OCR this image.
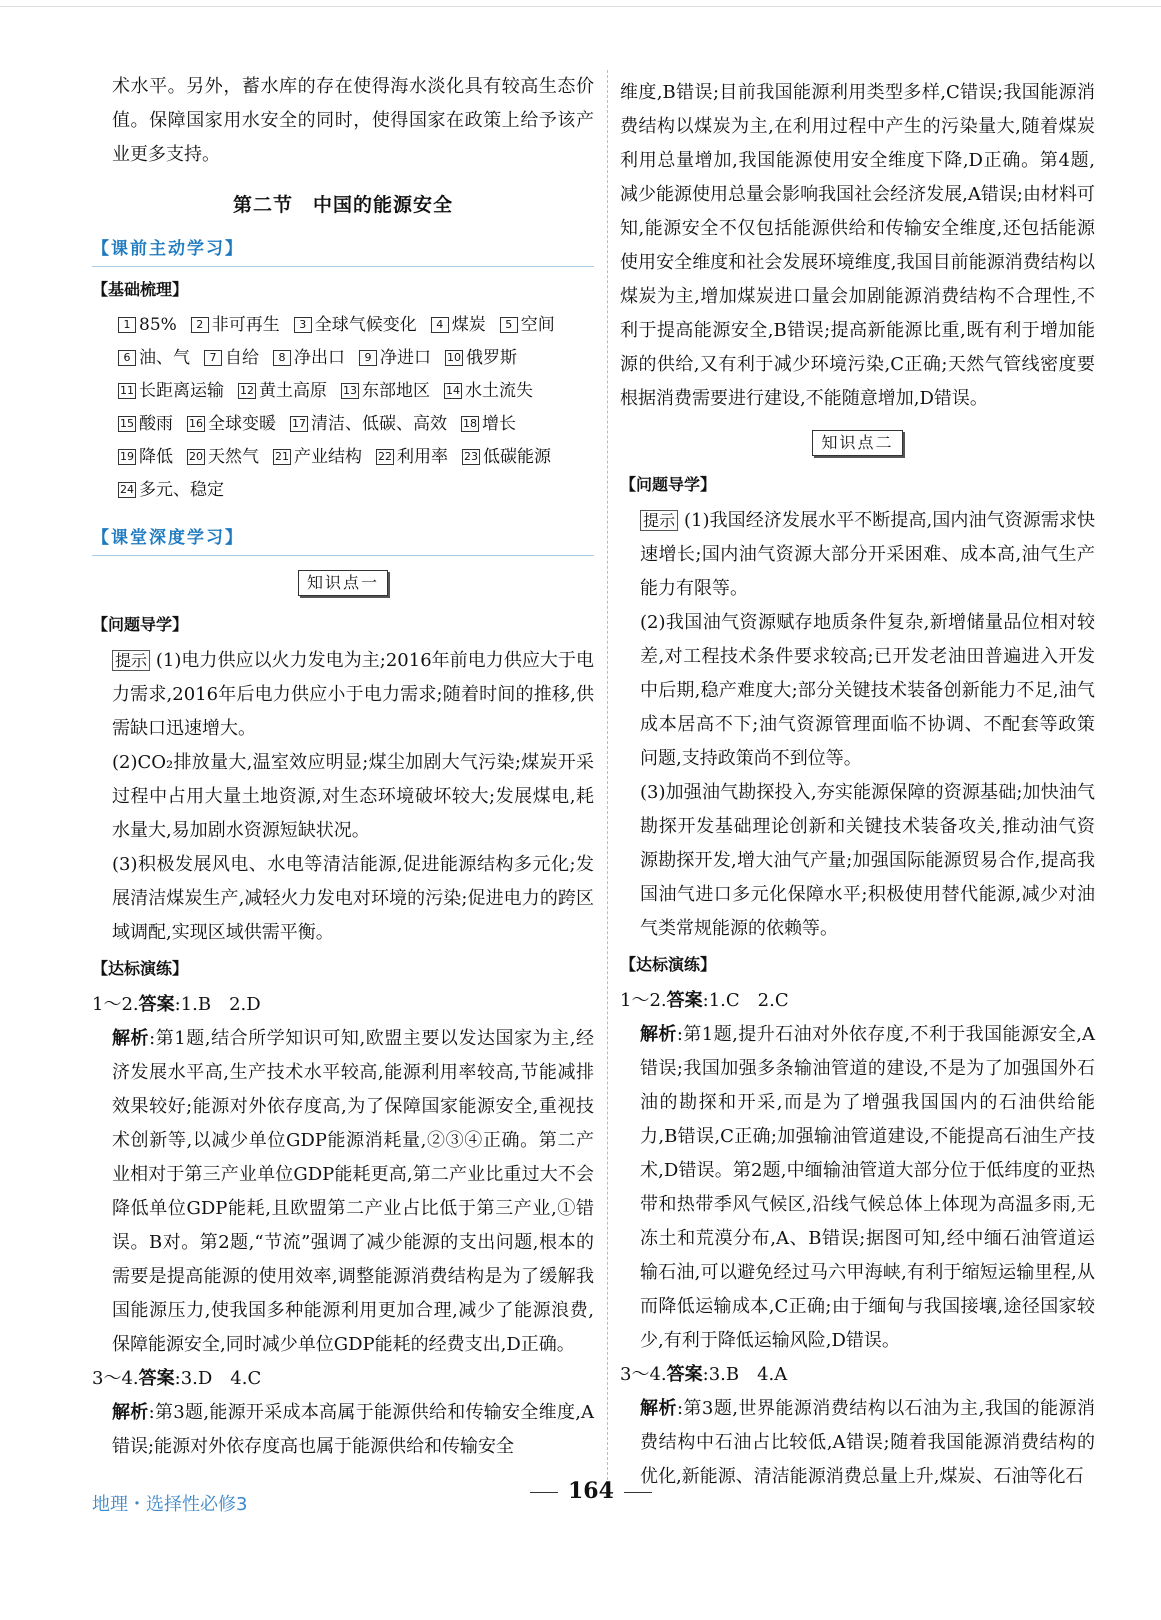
术水平。另外，蓄水库的存在使得海水淡化具有较高生态价值。保障国家用水安全的同时，使得国家在政策上给予该产业更多支持。

第二节　中国的能源安全
【课前主动学习】
【基础梳理】
1 85%	2 非可再生	3 全球气候变化	4 煤炭	5 空间
6 油、气	7 自给	8 净出口	9 净进口 10 俄罗斯
11 长距离运输 12 黄土高原 13 东部地区 14 水土流失
15 酸雨 16 全球变暖 17 清洁、低碳、高效 18 增长
19 降低 20 天然气 21 产业结构 22 利用率 23 低碳能源
24 多元、稳定
【课堂深度学习】
知识点一
【问题导学】

提示 (1)电力供应以火力发电为主;2016年前电力供应大于电力需求,2016年后电力供应小于电力需求;随着时间的推移,供需缺口迅速增大。

(2)CO₂排放量大,温室效应明显;煤尘加剧大气污染;煤炭开采过程中占用大量土地资源,对生态环境破坏较大;发展煤电,耗水量大,易加剧水资源短缺状况。

(3)积极发展风电、水电等清洁能源,促进能源结构多元化;发展清洁煤炭生产,减轻火力发电对环境的污染;促进电力的跨区域调配,实现区域供需平衡。

【达标演练】

1～2.答案:1.B　2.D

解析:第1题,结合所学知识可知,欧盟主要以发达国家为主,经济发展水平高,生产技术水平较高,能源利用率较高,节能减排效果较好;能源对外依存度高,为了保障国家能源安全,重视技术创新等,以减少单位GDP能源消耗量,②③④正确。第二产业相对于第三产业单位GDP能耗更高,第二产业比重过大不会降低单位GDP能耗,且欧盟第二产业占比低于第三产业,①错误。B对。第2题,“节流”强调了减少能源的支出问题,根本的需要是提高能源的使用效率,调整能源消费结构是为了缓解我国能源压力,使我国多种能源利用更加合理,减少了能源浪费,保障能源安全,同时减少单位GDP能耗的经费支出,D正确。

3～4.答案:3.D　4.C

解析:第3题,能源开采成本高属于能源供给和传输安全维度,A错误;能源对外依存度高也属于能源供给和传输安全

维度,B错误;目前我国能源利用类型多样,C错误;我国能源消费结构以煤炭为主,在利用过程中产生的污染量大,随着煤炭利用总量增加,我国能源使用安全维度下降,D正确。第4题,减少能源使用总量会影响我国社会经济发展,A错误;由材料可知,能源安全不仅包括能源供给和传输安全维度,还包括能源使用安全维度和社会发展环境维度,我国目前能源消费结构以煤炭为主,增加煤炭进口量会加剧能源消费结构不合理性,不利于提高能源安全,B错误;提高新能源比重,既有利于增加能源的供给,又有利于减少环境污染,C正确;天然气管线密度要根据消费需要进行建设,不能随意增加,D错误。

知识点二
【问题导学】

提示 (1)我国经济发展水平不断提高,国内油气资源需求快速增长;国内油气资源大部分开采困难、成本高,油气生产能力有限等。

(2)我国油气资源赋存地质条件复杂,新增储量品位相对较差,对工程技术条件要求较高;已开发老油田普遍进入开发中后期,稳产难度大;部分关键技术装备创新能力不足,油气成本居高不下;油气资源管理面临不协调、不配套等政策问题,支持政策尚不到位等。

(3)加强油气勘探投入,夯实能源保障的资源基础;加快油气勘探开发基础理论创新和关键技术装备攻关,推动油气资源勘探开发,增大油气产量;加强国际能源贸易合作,提高我国油气进口多元化保障水平;积极使用替代能源,减少对油气类常规能源的依赖等。

【达标演练】

1～2.答案:1.C　2.C

解析:第1题,提升石油对外依存度,不利于我国能源安全,A错误;我国加强多条输油管道的建设,不是为了加强国外石油的勘探和开采,而是为了增强我国国内的石油供给能力,B错误,C正确;加强输油管道建设,不能提高石油生产技术,D错误。第2题,中缅输油管道大部分位于低纬度的亚热带和热带季风气候区,沿线气候总体上体现为高温多雨,无冻土和荒漠分布,A、B错误;据图可知,经中缅石油管道运输石油,可以避免经过马六甲海峡,有利于缩短运输里程,从而降低运输成本,C正确;由于缅甸与我国接壤,途径国家较少,有利于降低运输风险,D错误。

3～4.答案:3.B　4.A

解析:第3题,世界能源消费结构以石油为主,我国的能源消费结构中石油占比较低,A错误;随着我国能源消费结构的优化,新能源、清洁能源消费总量上升,煤炭、石油等化石

地理・选择性必修3
164
